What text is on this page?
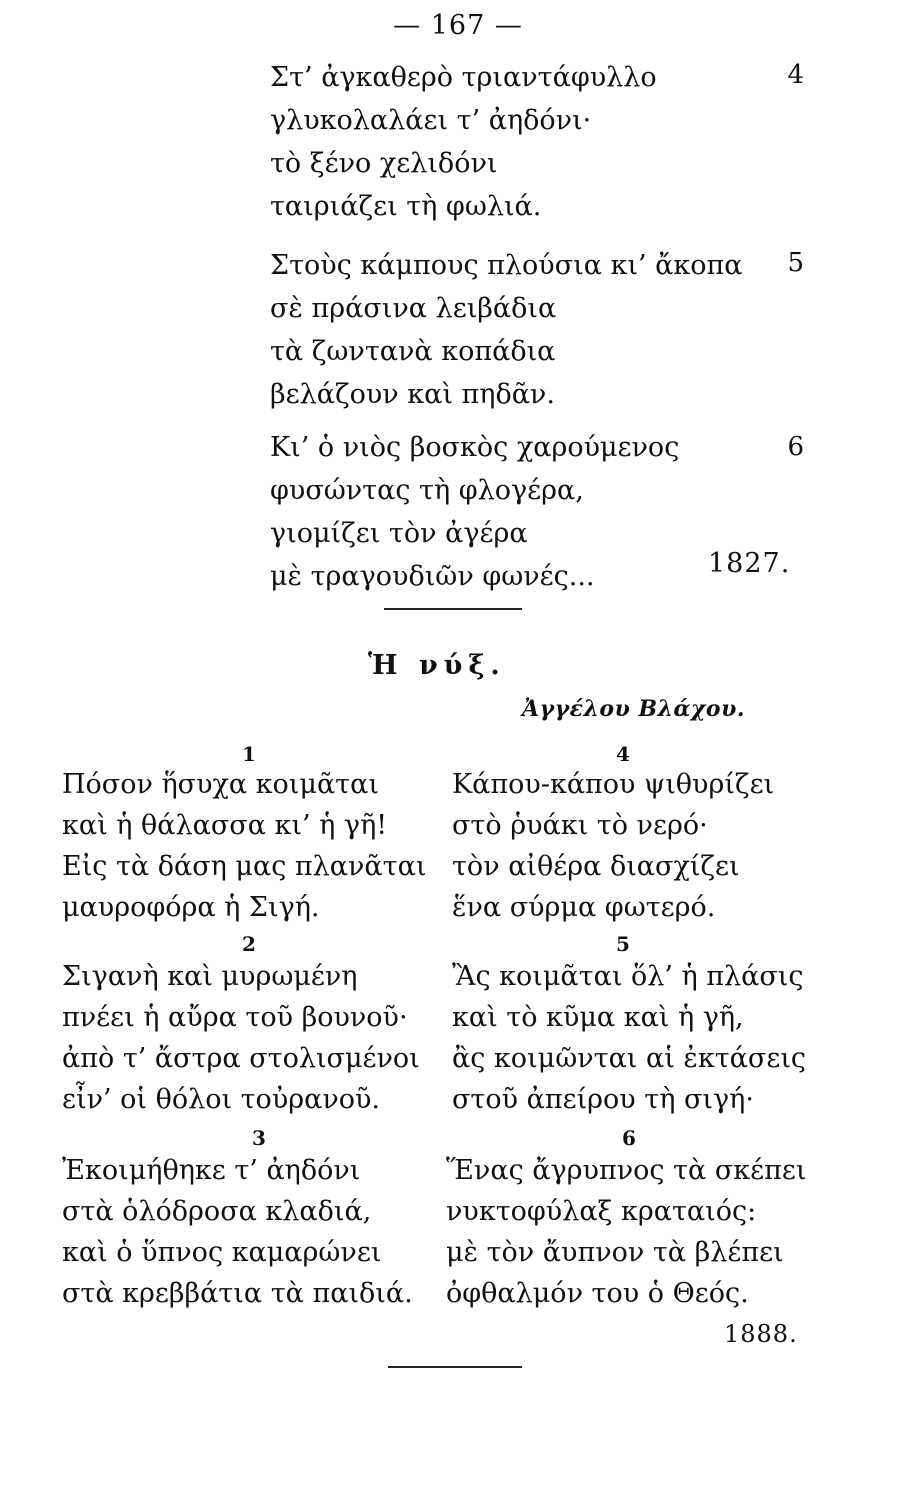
— 167 —
Στ’ ἀγκαθερὸ τριαντάφυλλο
γλυκολαλάει τ’ ἀηδόνι·
τὸ ξένο χελιδόνι
ταιριάζει τὴ φωλιά.
4
Στοὺς κάμπους πλούσια κι’ ἄκοπα
σὲ πράσινα λειβάδια
τὰ ζωντανὰ κοπάδια
βελάζουν καὶ πηδᾶν.
5
Κι’ ὁ νιὸς βοσκὸς χαρούμενος
φυσώντας τὴ φλογέρα,
γιομίζει τὸν ἀγέρα
μὲ τραγουδιῶν φωνές...
6
1827.
Ἡ νύξ.
Ἀγγέλου Βλάχου.
1
Πόσον ἥσυχα κοιμᾶται
καὶ ἡ θάλασσα κι’ ἡ γῆ!
Εἰς τὰ δάση μας πλανᾶται
μαυροφόρα ἡ Σιγή.
2
Σιγανὴ καὶ μυρωμένη
πνέει ἡ αὔρα τοῦ βουνοῦ·
ἀπὸ τ’ ἄστρα στολισμένοι
εἶν’ οἱ θόλοι τοὐρανοῦ.
3
Ἐκοιμήθηκε τ’ ἀηδόνι
στὰ ὁλόδροσα κλαδιά,
καὶ ὁ ὕπνος καμαρώνει
στὰ κρεββάτια τὰ παιδιά.
4
Κάπου-κάπου ψιθυρίζει
στὸ ῥυάκι τὸ νερό·
τὸν αἰθέρα διασχίζει
ἕνα σύρμα φωτερό.
5
Ἂς κοιμᾶται ὅλ’ ἡ πλάσις
καὶ τὸ κῦμα καὶ ἡ γῆ,
ἂς κοιμῶνται αἱ ἐκτάσεις
στοῦ ἀπείρου τὴ σιγή·
6
Ἕνας ἄγρυπνος τὰ σκέπει
νυκτοφύλαξ κραταιός:
μὲ τὸν ἄυπνον τὰ βλέπει
ὀφθαλμόν του ὁ Θεός.
1888.
